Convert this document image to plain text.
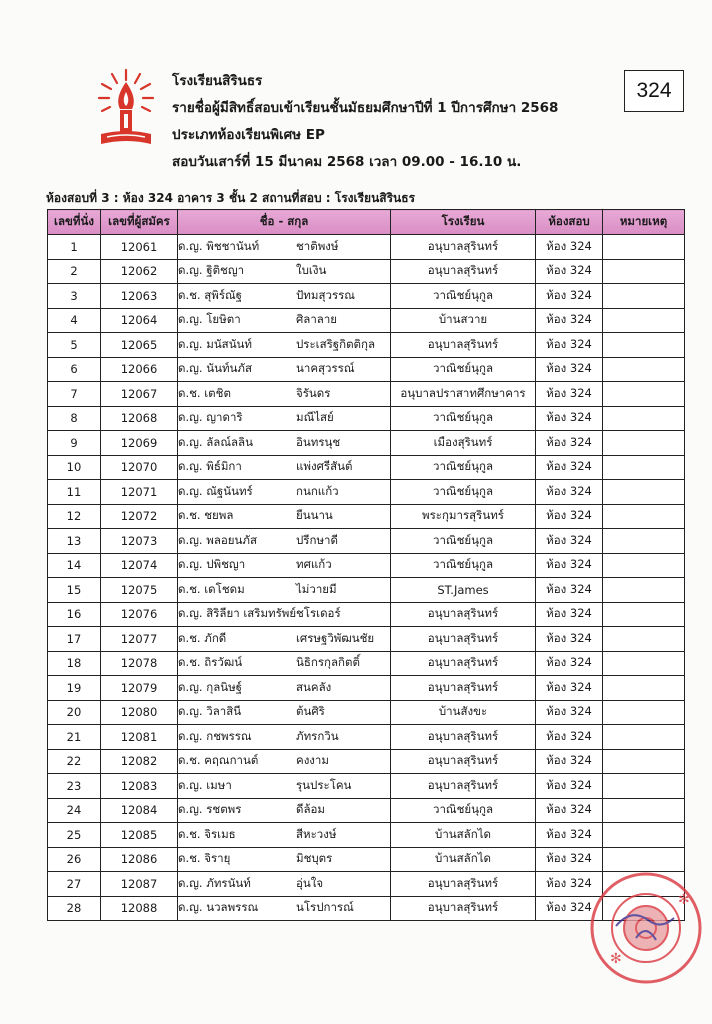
โรงเรียนสิรินธร
รายชื่อผู้มีสิทธิ์สอบเข้าเรียนชั้นมัธยมศึกษาปีที่ 1 ปีการศึกษา 2568
ประเภทห้องเรียนพิเศษ EP
สอบวันเสาร์ที่ 15 มีนาคม 2568 เวลา 09.00 - 16.10 น.
324
ห้องสอบที่ 3 : ห้อง 324 อาคาร 3 ชั้น 2 สถานที่สอบ : โรงเรียนสิรินธร
เลขที่นั่ง	เลขที่ผู้สมัคร	ชื่อ - สกุล	โรงเรียน	ห้องสอบ	หมายเหตุ
1	12061	ด.ญ. พิชชานันท์ ชาติพงษ์	อนุบาลสุรินทร์	ห้อง 324	
2	12062	ด.ญ. ฐิติชญา ใบเงิน	อนุบาลสุรินทร์	ห้อง 324	
3	12063	ด.ช. สุพิร์ณัฐ ปัทมสุวรรณ	วาณิชย์นุกูล	ห้อง 324	
4	12064	ด.ญ. โยษิตา ศิลาลาย	บ้านสวาย	ห้อง 324	
5	12065	ด.ญ. มนัสนันท์ ประเสริฐกิตติกุล	อนุบาลสุรินทร์	ห้อง 324	
6	12066	ด.ญ. นันท์นภัส นาคสุวรรณ์	วาณิชย์นุกูล	ห้อง 324	
7	12067	ด.ช. เตชิต จิรันดร	อนุบาลปราสาทศึกษาคาร	ห้อง 324	
8	12068	ด.ญ. ญาดาริ มณีไสย์	วาณิชย์นุกูล	ห้อง 324	
9	12069	ด.ญ. ลัลณ์ลลิน อินทรนุช	เมืองสุรินทร์	ห้อง 324	
10	12070	ด.ญ. พิธ์มิกา แพ่งศรีสันต์	วาณิชย์นุกูล	ห้อง 324	
11	12071	ด.ญ. ณัฐนันทร์ กนกแก้ว	วาณิชย์นุกูล	ห้อง 324	
12	12072	ด.ช. ชยพล ยืนนาน	พระกุมารสุรินทร์	ห้อง 324	
13	12073	ด.ญ. พลอยนภัส ปรีกษาดี	วาณิชย์นุกูล	ห้อง 324	
14	12074	ด.ญ. ปพิชญา ทศแก้ว	วาณิชย์นุกูล	ห้อง 324	
15	12075	ด.ช. เดโชดม ไม่วายมี	ST.James	ห้อง 324	
16	12076	ด.ญ. สิริลียา เสริมทรัพย์ชโรเดอร์	อนุบาลสุรินทร์	ห้อง 324	
17	12077	ด.ช. ภักดี เศรษฐวิพัฒนชัย	อนุบาลสุรินทร์	ห้อง 324	
18	12078	ด.ช. ถิรวัฒน์ นิธิกรกุลกิตติ์	อนุบาลสุรินทร์	ห้อง 324	
19	12079	ด.ญ. กุลนิษฐ์ สนคลัง	อนุบาลสุรินทร์	ห้อง 324	
20	12080	ด.ญ. วิลาสินี ต้นศิริ	บ้านสังขะ	ห้อง 324	
21	12081	ด.ญ. กชพรรณ ภัทรกวิน	อนุบาลสุรินทร์	ห้อง 324	
22	12082	ด.ช. ฅฤณกานต์ คงงาม	อนุบาลสุรินทร์	ห้อง 324	
23	12083	ด.ญ. เมษา รุนประโคน	อนุบาลสุรินทร์	ห้อง 324	
24	12084	ด.ญ. รชตพร ดีล้อม	วาณิชย์นุกูล	ห้อง 324	
25	12085	ด.ช. จิรเมธ สีหะวงษ์	บ้านสลักได	ห้อง 324	
26	12086	ด.ช. จิรายุ มิชบุตร	บ้านสลักได	ห้อง 324	
27	12087	ด.ญ. ภัทรนันท์ อุ่นใจ	อนุบาลสุรินทร์	ห้อง 324	
28	12088	ด.ญ. นวลพรรณ นโรปการณ์	อนุบาลสุรินทร์	ห้อง 324	
✻
✻
